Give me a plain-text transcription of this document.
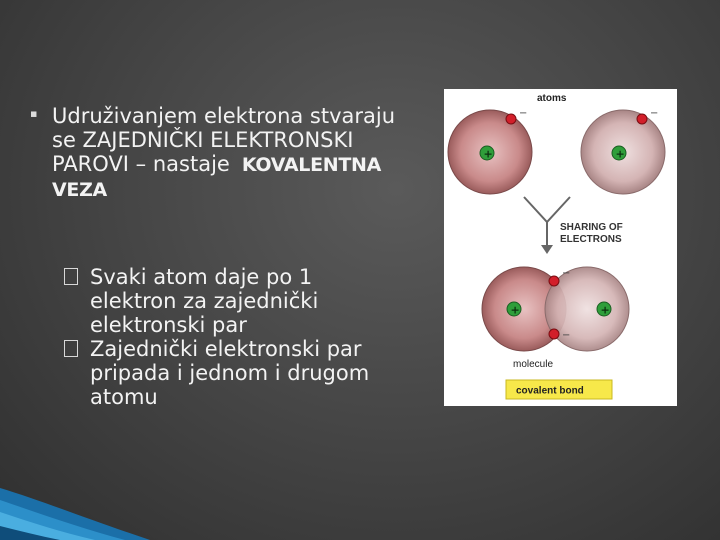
▪ Udruživanjem elektrona stvaraju se ZAJEDNIČKI ELEKTRONSKI PAROVI – nastaje KOVALENTNA VEZA
Svaki atom daje po 1 elektron za zajednički elektronski par
Zajednički elektronski par pripada i jednom i drugom atomu
atoms
+
−
+
−
SHARING OF
ELECTRONS
+	+
−
−
molecule
covalent bond
